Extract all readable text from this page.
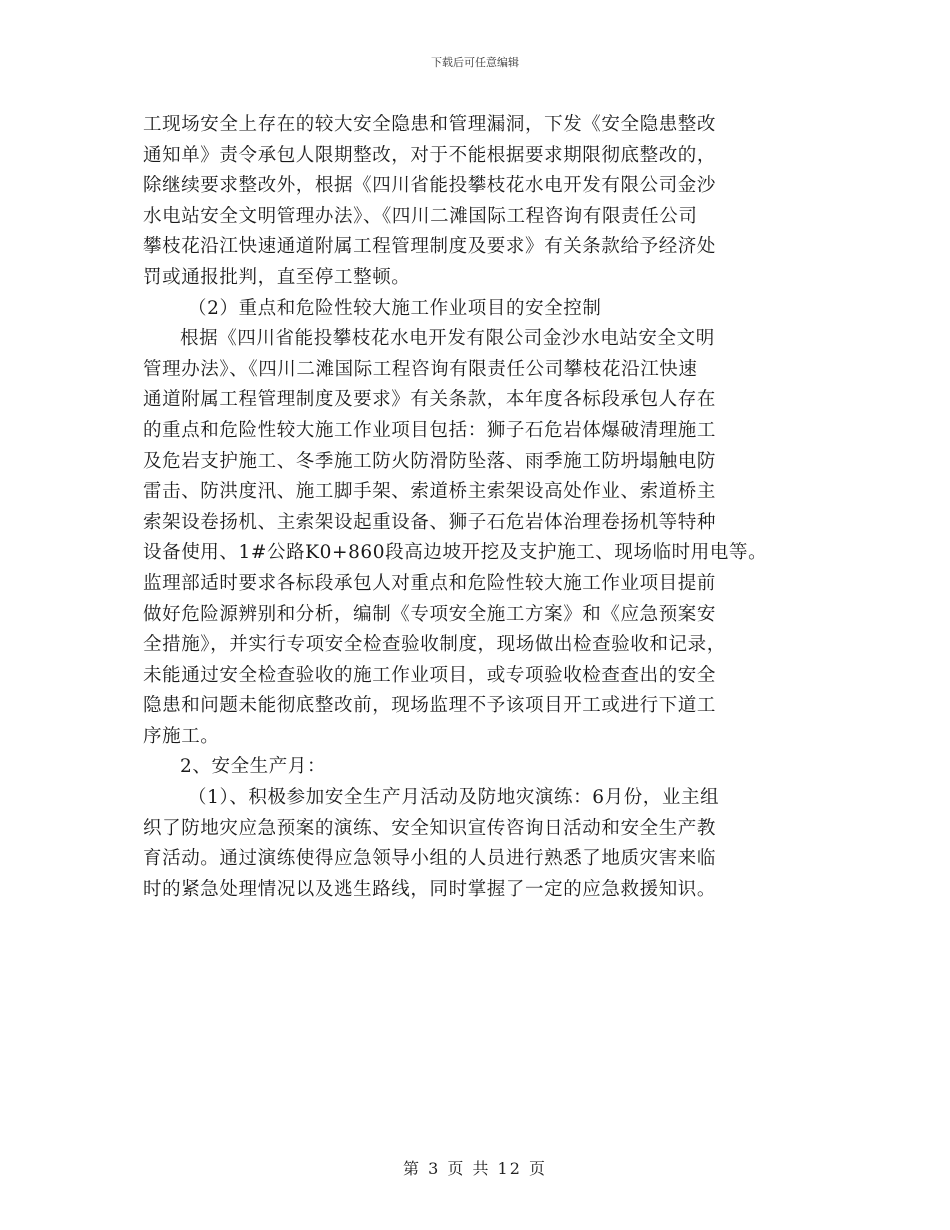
下载后可任意编辑
工现场安全上存在的较大安全隐患和管理漏洞，下发《安全隐患整改
通知单》责令承包人限期整改，对于不能根据要求期限彻底整改的，
除继续要求整改外，根据《四川省能投攀枝花水电开发有限公司金沙
水电站安全文明管理办法》、《四川二滩国际工程咨询有限责任公司
攀枝花沿江快速通道附属工程管理制度及要求》有关条款给予经济处
罚或通报批判，直至停工整顿。
（2）重点和危险性较大施工作业项目的安全控制
根据《四川省能投攀枝花水电开发有限公司金沙水电站安全文明
管理办法》、《四川二滩国际工程咨询有限责任公司攀枝花沿江快速
通道附属工程管理制度及要求》有关条款，本年度各标段承包人存在
的重点和危险性较大施工作业项目包括：狮子石危岩体爆破清理施工
及危岩支护施工、冬季施工防火防滑防坠落、雨季施工防坍塌触电防
雷击、防洪度汛、施工脚手架、索道桥主索架设高处作业、索道桥主
索架设卷扬机、主索架设起重设备、狮子石危岩体治理卷扬机等特种
设备使用、1#公路K0+860段高边坡开挖及支护施工、现场临时用电等。
监理部适时要求各标段承包人对重点和危险性较大施工作业项目提前
做好危险源辨别和分析，编制《专项安全施工方案》和《应急预案安
全措施》，并实行专项安全检查验收制度，现场做出检查验收和记录，
未能通过安全检查验收的施工作业项目，或专项验收检查查出的安全
隐患和问题未能彻底整改前，现场监理不予该项目开工或进行下道工
序施工。
2、安全生产月：
（1）、积极参加安全生产月活动及防地灾演练：6月份，业主组
织了防地灾应急预案的演练、安全知识宣传咨询日活动和安全生产教
育活动。通过演练使得应急领导小组的人员进行熟悉了地质灾害来临
时的紧急处理情况以及逃生路线，同时掌握了一定的应急救援知识。
第 3 页 共 12 页
